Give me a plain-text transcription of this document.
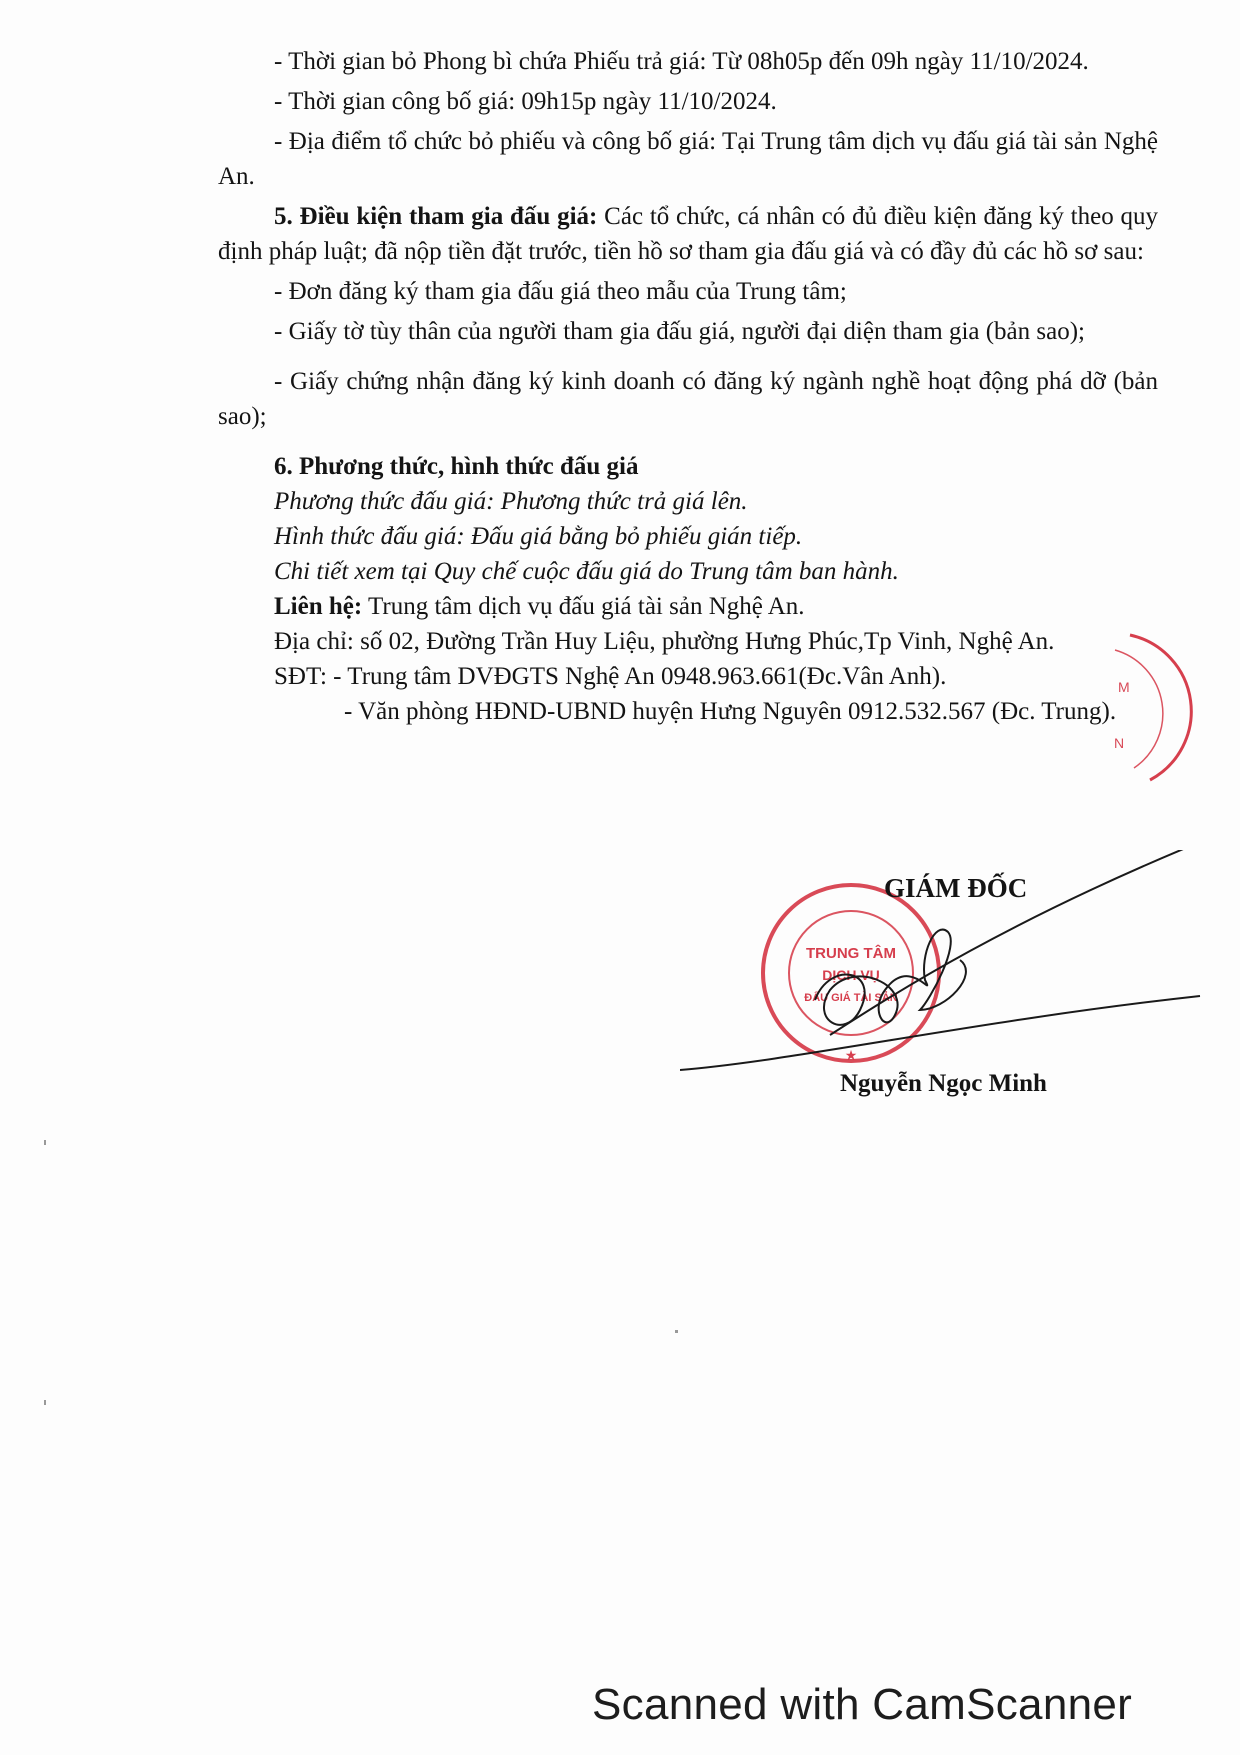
- Thời gian bỏ Phong bì chứa Phiếu trả giá: Từ 08h05p đến 09h ngày 11/10/2024.

- Thời gian công bố giá: 09h15p ngày 11/10/2024.

- Địa điểm tổ chức bỏ phiếu và công bố giá: Tại Trung tâm dịch vụ đấu giá tài sản Nghệ An.

5. Điều kiện tham gia đấu giá: Các tổ chức, cá nhân có đủ điều kiện đăng ký theo quy định pháp luật; đã nộp tiền đặt trước, tiền hồ sơ tham gia đấu giá và có đầy đủ các hồ sơ sau:

- Đơn đăng ký tham gia đấu giá theo mẫu của Trung tâm;

- Giấy tờ tùy thân của người tham gia đấu giá, người đại diện tham gia (bản sao);

- Giấy chứng nhận đăng ký kinh doanh có đăng ký ngành nghề hoạt động phá dỡ (bản sao);

6. Phương thức, hình thức đấu giá

Phương thức đấu giá: Phương thức trả giá lên.

Hình thức đấu giá: Đấu giá bằng bỏ phiếu gián tiếp.

Chi tiết xem tại Quy chế cuộc đấu giá do Trung tâm ban hành.

Liên hệ: Trung tâm dịch vụ đấu giá tài sản Nghệ An.

Địa chỉ: số 02, Đường Trần Huy Liệu, phường Hưng Phúc,Tp Vinh, Nghệ An.

SĐT: - Trung tâm DVĐGTS Nghệ An 0948.963.661(Đc.Vân Anh).

- Văn phòng HĐND-UBND huyện Hưng Nguyên 0912.532.567 (Đc. Trung).

M
N
TRUNG TÂM
DỊCH VỤ
ĐẤU GIÁ TÀI SẢN
★
GIÁM ĐỐC
Nguyễn Ngọc Minh
Scanned with CamScanner
